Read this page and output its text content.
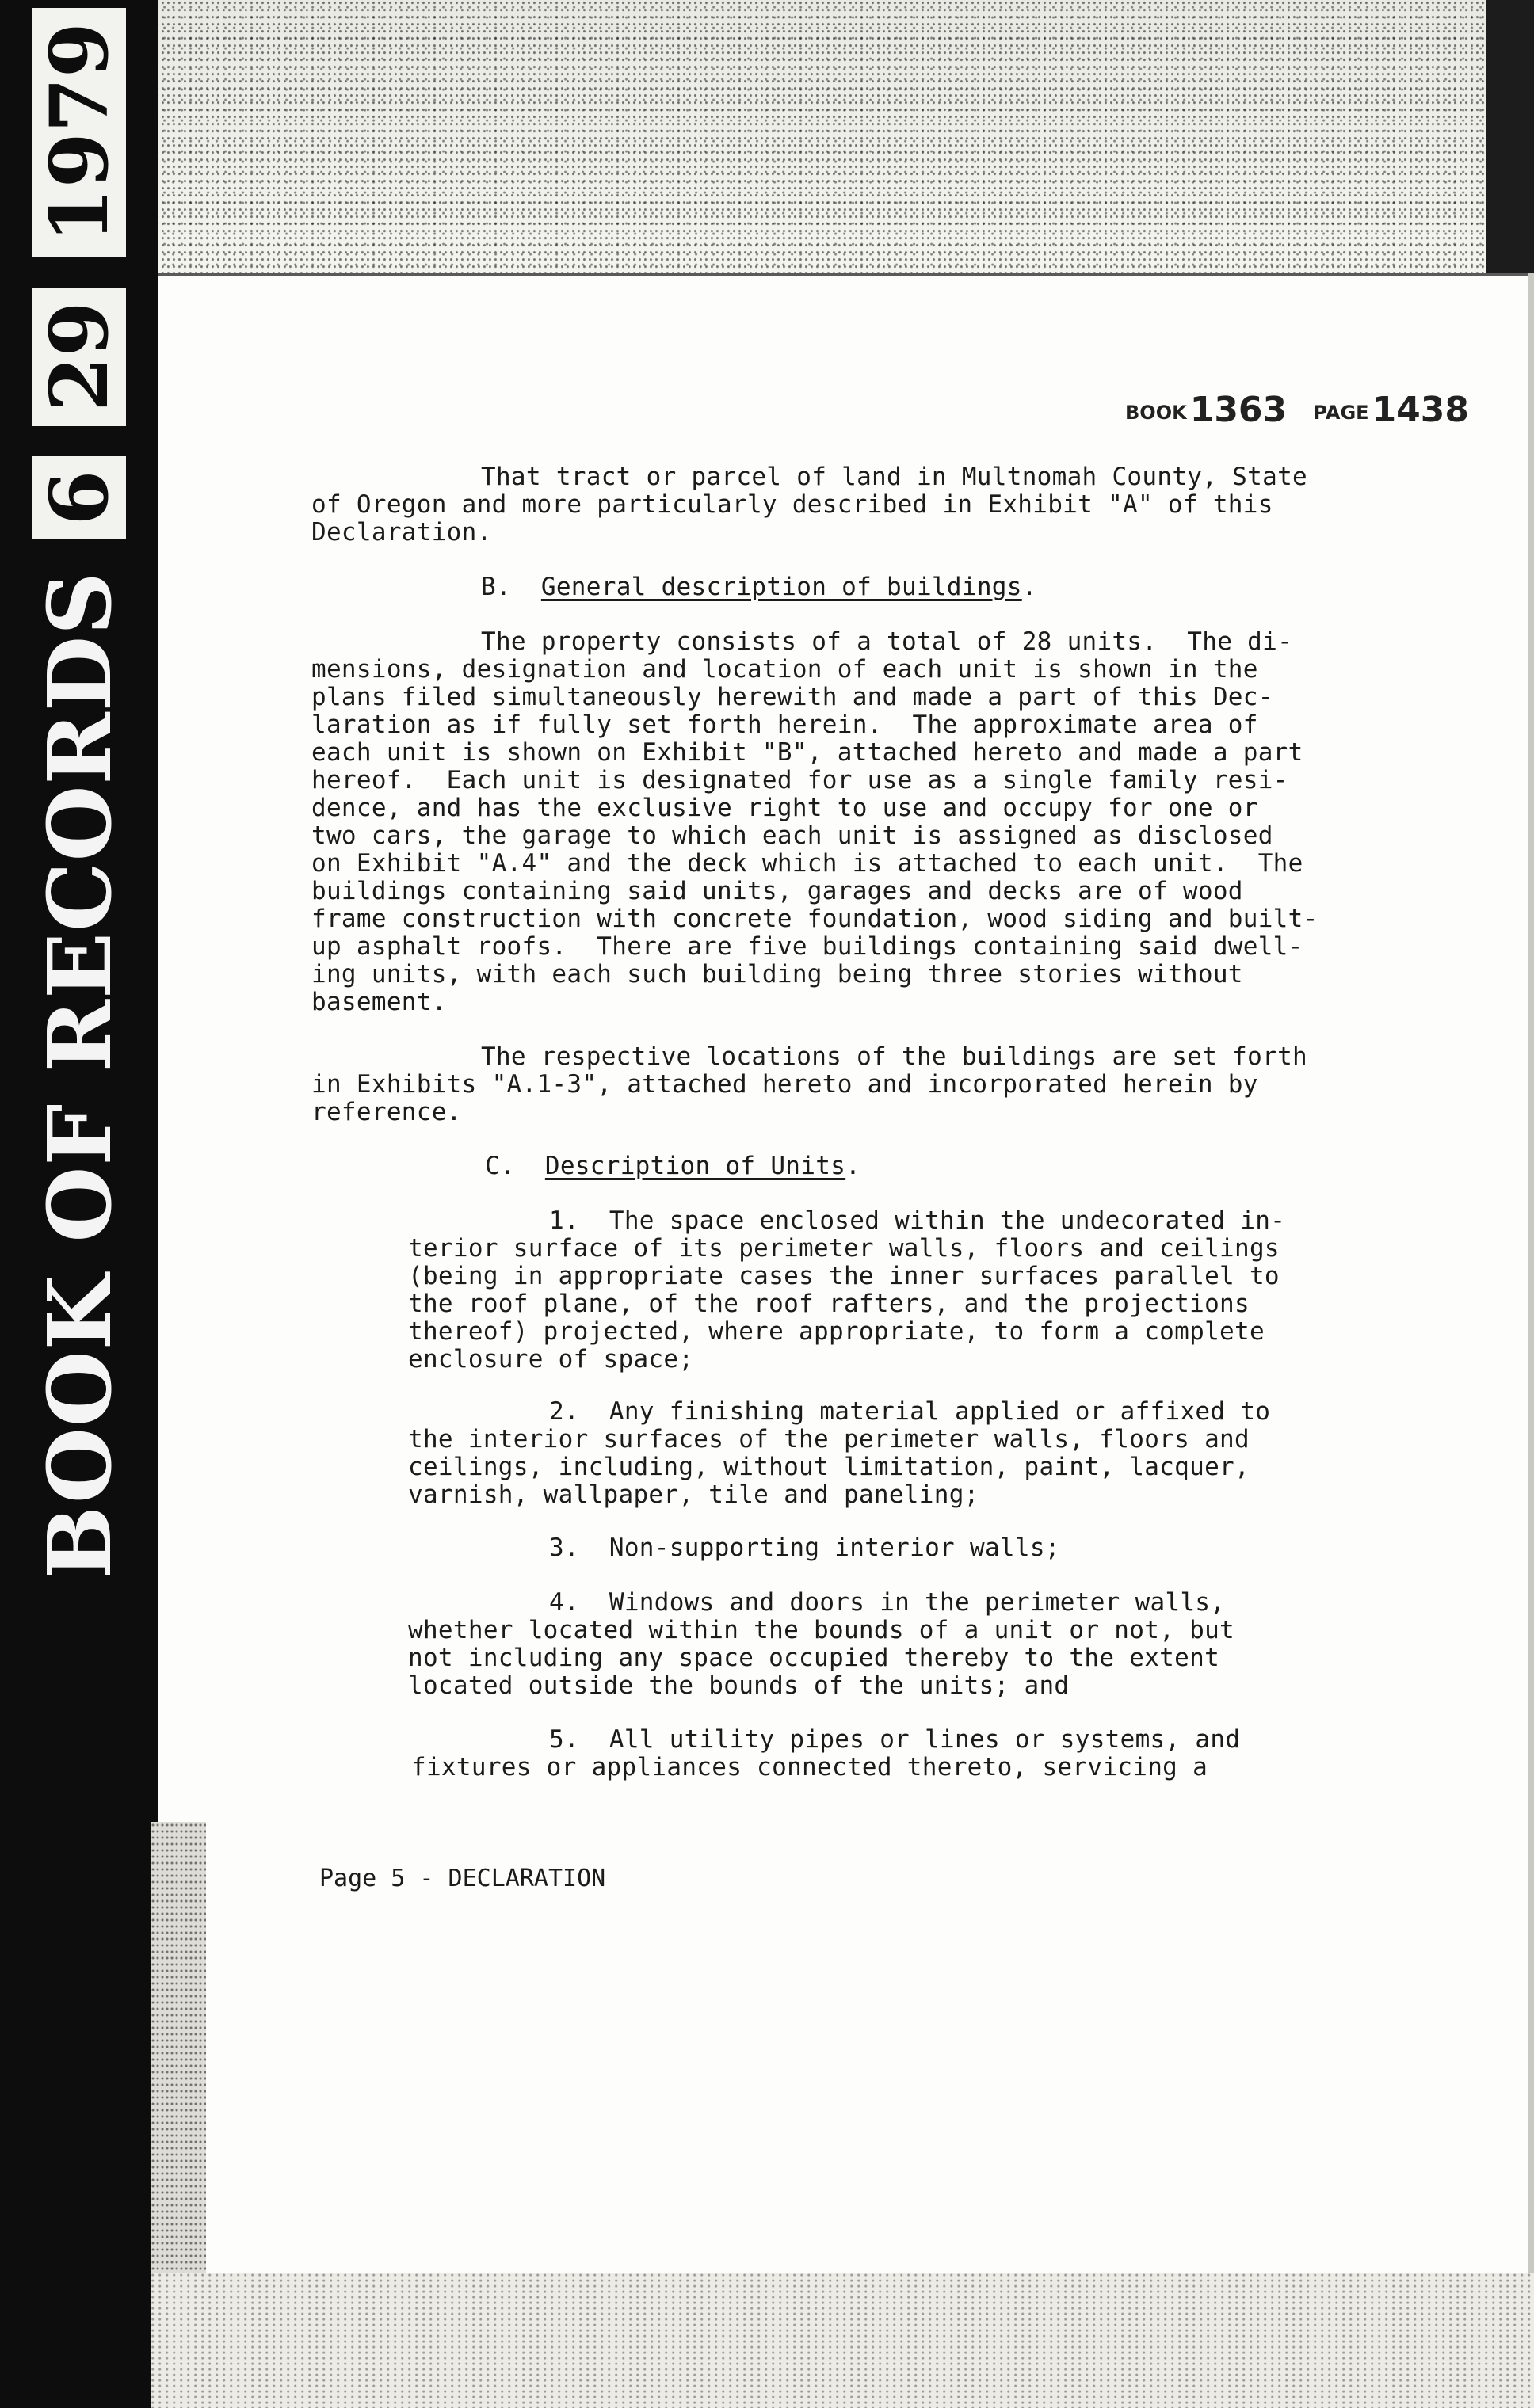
BOOK OF RECORDS
6
29
1979
BOOK1363 PAGE1438
That tract or parcel of land in Multnomah County, State
of Oregon and more particularly described in Exhibit "A" of this
Declaration.
B. General description of buildings.
The property consists of a total of 28 units.  The di-
mensions, designation and location of each unit is shown in the
plans filed simultaneously herewith and made a part of this Dec-
laration as if fully set forth herein.  The approximate area of
each unit is shown on Exhibit "B", attached hereto and made a part
hereof.  Each unit is designated for use as a single family resi-
dence, and has the exclusive right to use and occupy for one or
two cars, the garage to which each unit is assigned as disclosed
on Exhibit "A.4" and the deck which is attached to each unit.  The
buildings containing said units, garages and decks are of wood
frame construction with concrete foundation, wood siding and built-
up asphalt roofs.  There are five buildings containing said dwell-
ing units, with each such building being three stories without
basement.
The respective locations of the buildings are set forth
in Exhibits "A.1-3", attached hereto and incorporated herein by
reference.
C. Description of Units.
1.  The space enclosed within the undecorated in-
terior surface of its perimeter walls, floors and ceilings
(being in appropriate cases the inner surfaces parallel to
the roof plane, of the roof rafters, and the projections
thereof) projected, where appropriate, to form a complete
enclosure of space;
2.  Any finishing material applied or affixed to
the interior surfaces of the perimeter walls, floors and
ceilings, including, without limitation, paint, lacquer,
varnish, wallpaper, tile and paneling;
3.  Non-supporting interior walls;
4.  Windows and doors in the perimeter walls,
whether located within the bounds of a unit or not, but
not including any space occupied thereby to the extent
located outside the bounds of the units; and
5.  All utility pipes or lines or systems, and
fixtures or appliances connected thereto, servicing a
Page 5 - DECLARATION
